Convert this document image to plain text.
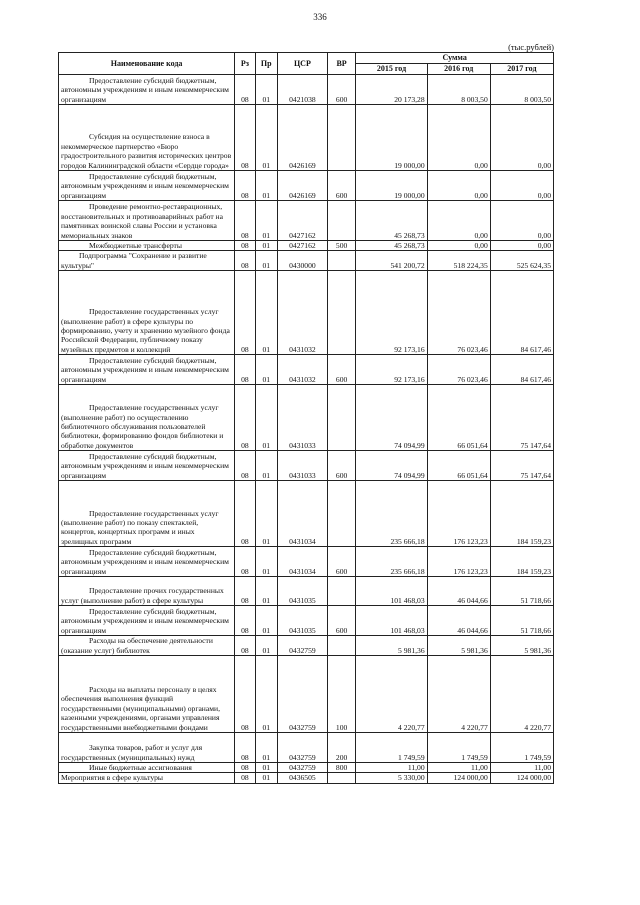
336
(тыс.рублей)
Наименование кода	Рз	Пр	ЦСР	ВР	Сумма		
					2015 год	2016 год	2017 год
Предоставление субсидий бюджетным, автономным учреждениям и иным некоммерческим организациям	08	01	0421038	600	20 173,28	8 003,50	8 003,50
Субсидия на осуществление взноса в некоммерческое партнерство «Бюро градостроительного развития исторических центров городов Калининградской области «Сердце города»	08	01	0426169		19 000,00	0,00	0,00
Предоставление субсидий бюджетным, автономным учреждениям и иным некоммерческим организациям	08	01	0426169	600	19 000,00	0,00	0,00
Проведение ремонтно-реставрационных, восстановительных и противоаварийных работ на памятниках воинской славы России и установка мемориальных знаков	08	01	0427162		45 268,73	0,00	0,00
Межбюджетные трансферты	08	01	0427162	500	45 268,73	0,00	0,00
Подпрограмма "Сохранение и развитие культуры"	08	01	0430000		541 200,72	518 224,35	525 624,35
Предоставление государственных услуг (выполнение работ) в сфере культуры по формированию, учету и хранению музейного фонда Российской Федерации, публичному показу музейных предметов и коллекций	08	01	0431032		92 173,16	76 023,46	84 617,46
Предоставление субсидий бюджетным, автономным учреждениям и иным некоммерческим организациям	08	01	0431032	600	92 173,16	76 023,46	84 617,46
Предоставление государственных услуг (выполнение работ) по осуществлению библиотечного обслуживания пользователей библиотеки, формированию фондов библиотеки и обработке документов	08	01	0431033		74 094,99	66 051,64	75 147,64
Предоставление субсидий бюджетным, автономным учреждениям и иным некоммерческим организациям	08	01	0431033	600	74 094,99	66 051,64	75 147,64
Предоставление государственных услуг (выполнение работ) по показу спектаклей, концертов, концертных программ и иных зрелищных программ	08	01	0431034		235 666,18	176 123,23	184 159,23
Предоставление субсидий бюджетным, автономным учреждениям и иным некоммерческим организациям	08	01	0431034	600	235 666,18	176 123,23	184 159,23
Предоставление прочих государственных услуг (выполнение работ) в сфере культуры	08	01	0431035		101 468,03	46 044,66	51 718,66
Предоставление субсидий бюджетным, автономным учреждениям и иным некоммерческим организациям	08	01	0431035	600	101 468,03	46 044,66	51 718,66
Расходы на обеспечение деятельности (оказание услуг) библиотек	08	01	0432759		5 981,36	5 981,36	5 981,36
Расходы на выплаты персоналу в целях обеспечения выполнения функций государственными (муниципальными) органами, казенными учреждениями, органами управления государственными внебюджетными фондами	08	01	0432759	100	4 220,77	4 220,77	4 220,77
Закупка товаров, работ и услуг для государственных (муниципальных) нужд	08	01	0432759	200	1 749,59	1 749,59	1 749,59
Иные бюджетные ассигнования	08	01	0432759	800	11,00	11,00	11,00
Мероприятия в сфере культуры	08	01	0436505		5 330,00	124 000,00	124 000,00
